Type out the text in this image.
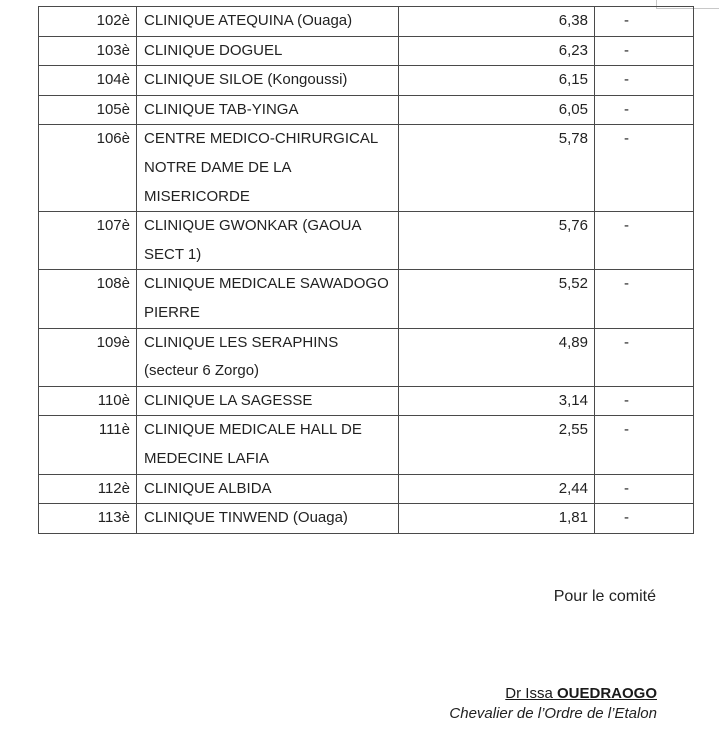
102è	CLINIQUE ATEQUINA (Ouaga)	6,38	-
103è	CLINIQUE DOGUEL	6,23	-
104è	CLINIQUE SILOE (Kongoussi)	6,15	-
105è	CLINIQUE TAB-YINGA	6,05	-
106è	CENTRE MEDICO-CHIRURGICAL NOTRE DAME DE LA MISERICORDE	5,78	-
107è	CLINIQUE GWONKAR (GAOUA SECT 1)	5,76	-
108è	CLINIQUE MEDICALE SAWADOGO PIERRE	5,52	-
109è	CLINIQUE LES SERAPHINS (secteur 6 Zorgo)	4,89	-
110è	CLINIQUE LA SAGESSE	3,14	-
111è	CLINIQUE MEDICALE HALL DE MEDECINE LAFIA	2,55	-
112è	CLINIQUE ALBIDA	2,44	-
113è	CLINIQUE TINWEND (Ouaga)	1,81	-
Pour le comité
Dr Issa OUEDRAOGO
Chevalier de l’Ordre de l’Etalon
